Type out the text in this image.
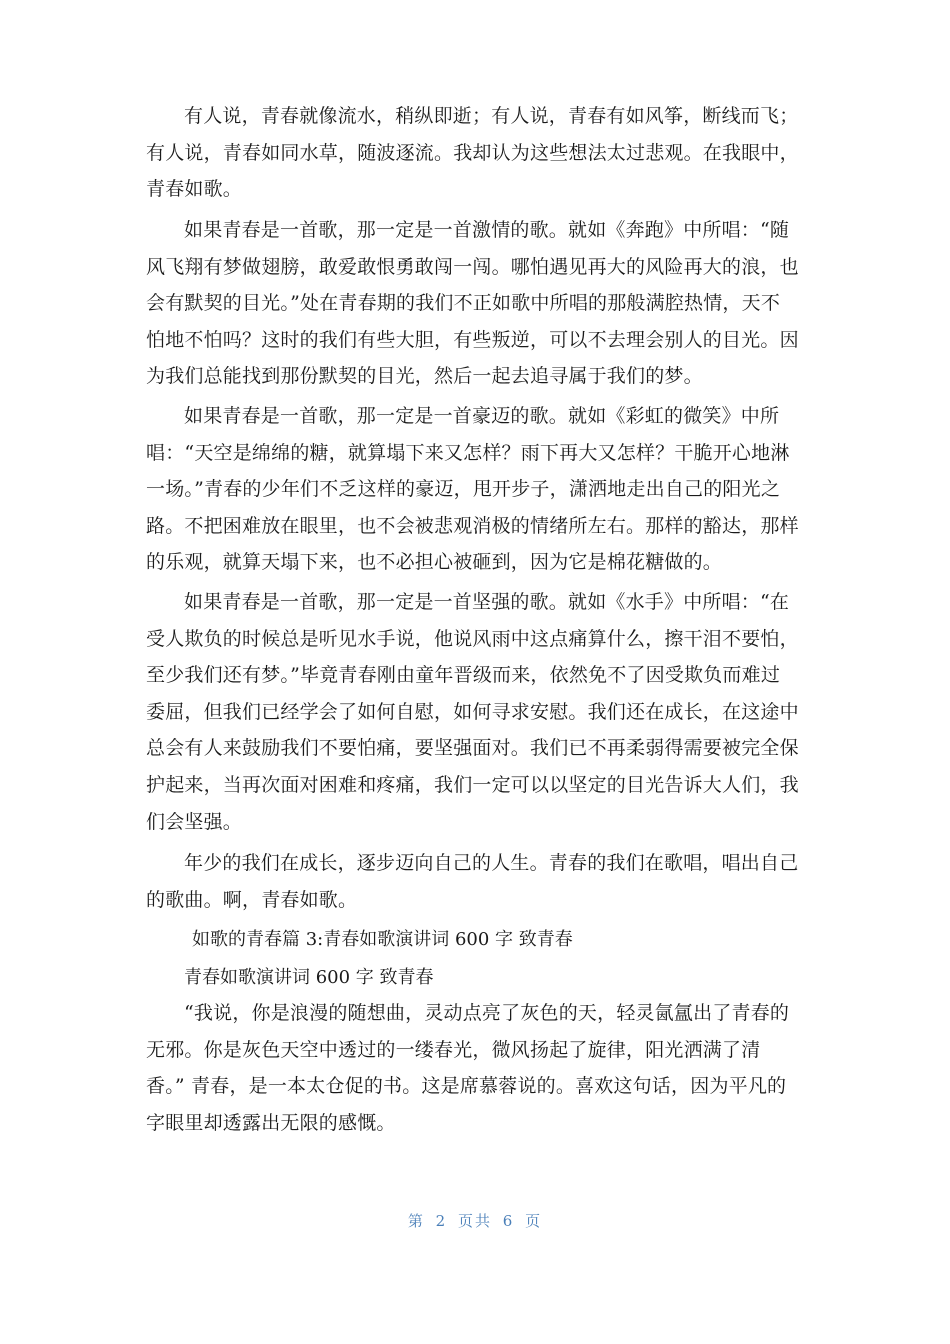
有人说，青春就像流水，稍纵即逝；有人说，青春有如风筝，断线而飞；
有人说，青春如同水草，随波逐流。我却认为这些想法太过悲观。在我眼中，
青春如歌。

如果青春是一首歌，那一定是一首激情的歌。就如《奔跑》中所唱：“随
风飞翔有梦做翅膀，敢爱敢恨勇敢闯一闯。哪怕遇见再大的风险再大的浪，也
会有默契的目光。”处在青春期的我们不正如歌中所唱的那般满腔热情，天不
怕地不怕吗？这时的我们有些大胆，有些叛逆，可以不去理会别人的目光。因
为我们总能找到那份默契的目光，然后一起去追寻属于我们的梦。

如果青春是一首歌，那一定是一首豪迈的歌。就如《彩虹的微笑》中所
唱：“天空是绵绵的糖，就算塌下来又怎样？雨下再大又怎样？干脆开心地淋
一场。”青春的少年们不乏这样的豪迈，甩开步子，潇洒地走出自己的阳光之
路。不把困难放在眼里，也不会被悲观消极的情绪所左右。那样的豁达，那样
的乐观，就算天塌下来，也不必担心被砸到，因为它是棉花糖做的。

如果青春是一首歌，那一定是一首坚强的歌。就如《水手》中所唱：“在
受人欺负的时候总是听见水手说，他说风雨中这点痛算什么，擦干泪不要怕，
至少我们还有梦。”毕竟青春刚由童年晋级而来，依然免不了因受欺负而难过
委屈，但我们已经学会了如何自慰，如何寻求安慰。我们还在成长，在这途中
总会有人来鼓励我们不要怕痛，要坚强面对。我们已不再柔弱得需要被完全保
护起来，当再次面对困难和疼痛，我们一定可以以坚定的目光告诉大人们，我
们会坚强。

年少的我们在成长，逐步迈向自己的人生。青春的我们在歌唱，唱出自己
的歌曲。啊，青春如歌。

如歌的青春篇 3:青春如歌演讲词 600 字 致青春

青春如歌演讲词 600 字 致青春

“我说，你是浪漫的随想曲，灵动点亮了灰色的天，轻灵氤氲出了青春的
无邪。你是灰色天空中透过的一缕春光，微风扬起了旋律，阳光洒满了清
香。” 青春，是一本太仓促的书。这是席慕蓉说的。喜欢这句话，因为平凡的
字眼里却透露出无限的感慨。

第 2 页共 6 页
